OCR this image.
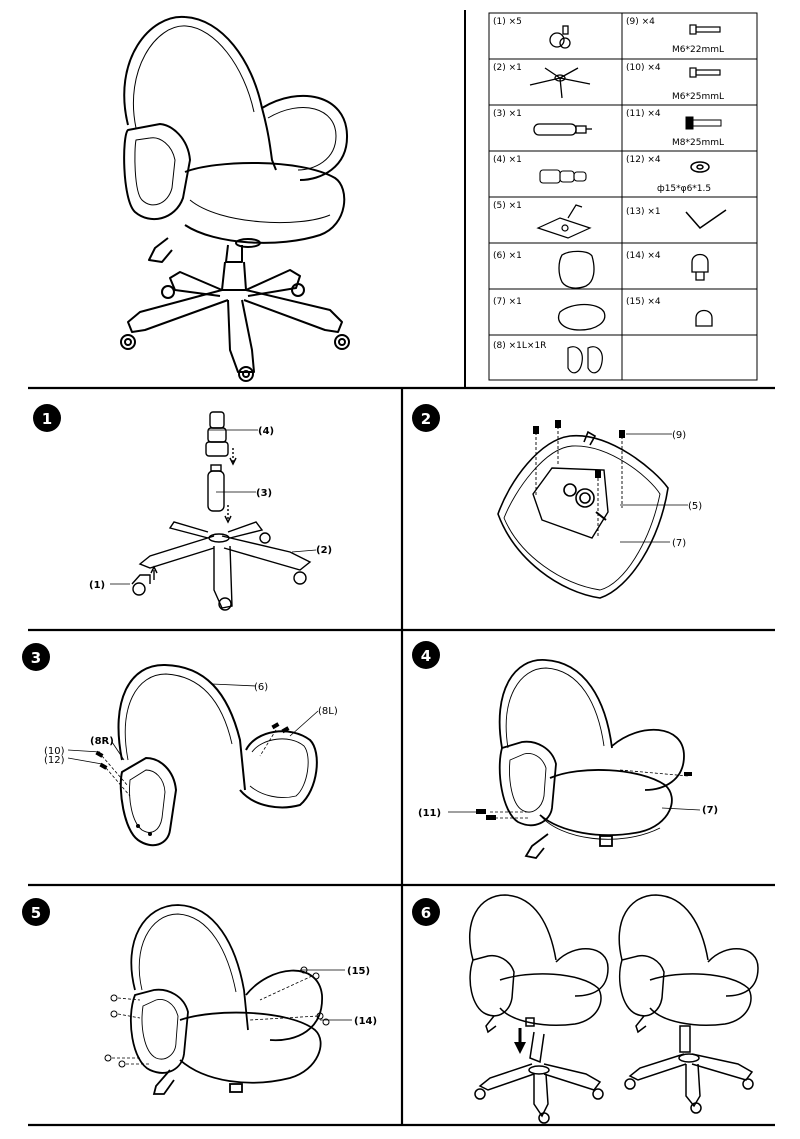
(1) ×5
(2) ×1
(3) ×1
(4) ×1
(5) ×1
(6) ×1
(7) ×1
(8) ×1L×1R
(9) ×4
M6*22mmL
(10) ×4
M6*25mmL
(11) ×4
M8*25mmL
(12) ×4
ф15*φ6*1.5
(13) ×1
(14) ×4
(15) ×4
1
(4)
(3)
(2)
(1)
2
(9)
(5)
(7)
3
(6)
(8L)
(8R)
(10)
(12)
4
(11)	(7)
5
(15)
(14)
6
